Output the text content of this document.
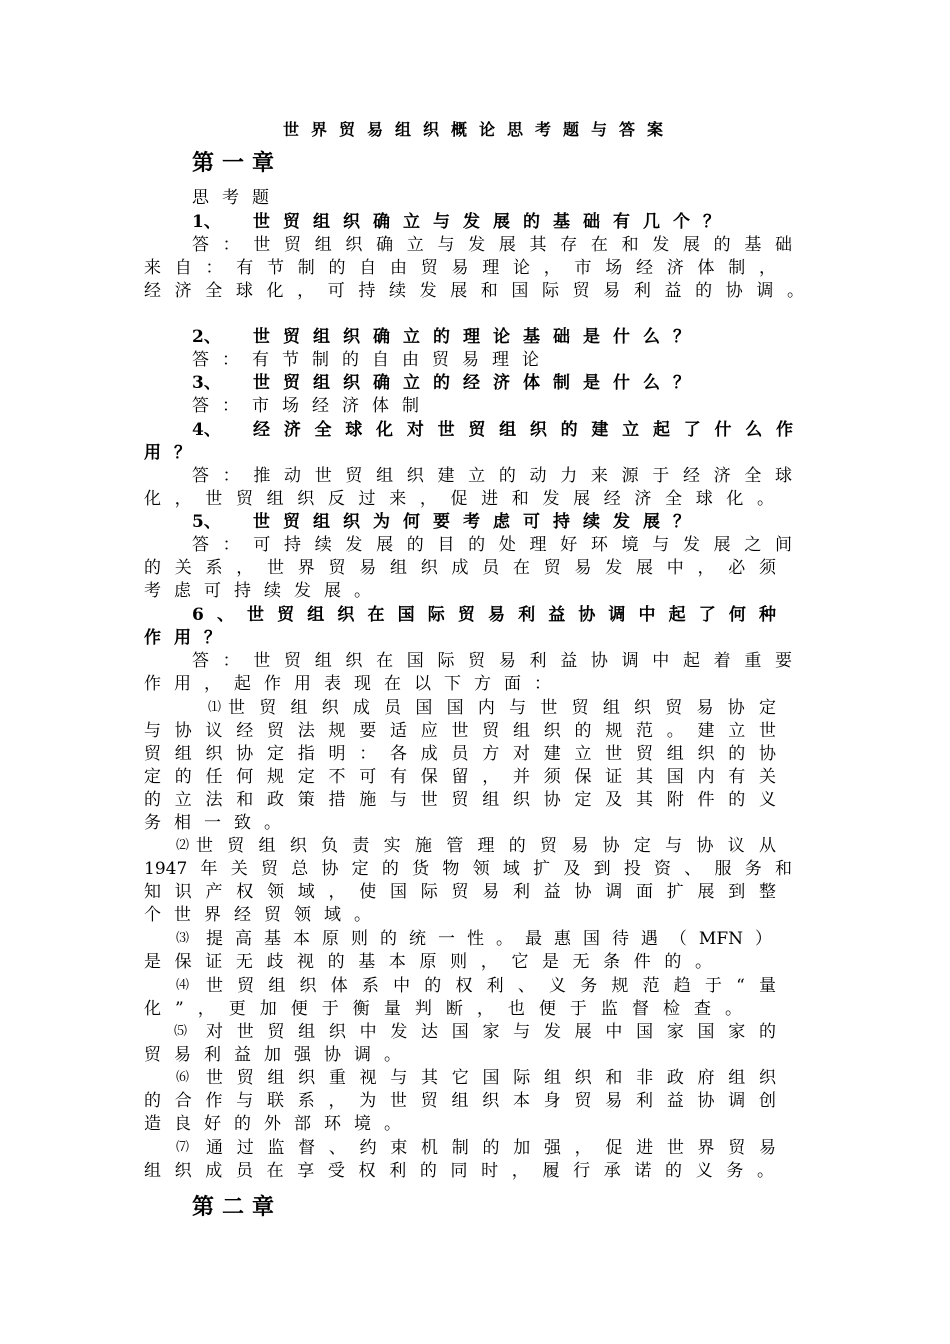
世界贸易组织概论思考题与答案
第一章
思考题
1、 世贸组织确立与发展的基础有几个？
答：世贸组织确立与发展其存在和发展的基础
来自：有节制的自由贸易理论，市场经济体制，
经济全球化，可持续发展和国际贸易利益的协调。
2、 世贸组织确立的理论基础是什么？
答：有节制的自由贸易理论
3、 世贸组织确立的经济体制是什么？
答：市场经济体制
4、 经济全球化对世贸组织的建立起了什么作
用？
答：推动世贸组织建立的动力来源于经济全球
化，世贸组织反过来，促进和发展经济全球化。
5、 世贸组织为何要考虑可持续发展？
答：可持续发展的目的处理好环境与发展之间
的关系，世界贸易组织成员在贸易发展中，必须
考虑可持续发展。
6、世贸组织在国际贸易利益协调中起了何种
作用？
答：世贸组织在国际贸易利益协调中起着重要
作用，起作用表现在以下方面：
⑴ 世贸组织成员国国内与世贸组织贸易协定
与协议经贸法规要适应世贸组织的规范。建立世
贸组织协定指明：各成员方对建立世贸组织的协
定的任何规定不可有保留，并须保证其国内有关
的立法和政策措施与世贸组织协定及其附件的义
务相一致。
⑵ 世贸组织负责实施管理的贸易协定与协议从
1947年关贸总协定的货物领域扩及到投资、服务和
知识产权领域，使国际贸易利益协调面扩展到整
个世界经贸领域。
⑶ 提高基本原则的统一性。最惠国待遇（MFN）
是保证无歧视的基本原则，它是无条件的。
⑷ 世贸组织体系中的权利、义务规范趋于“量
化”，更加便于衡量判断，也便于监督检查。
⑸ 对世贸组织中发达国家与发展中国家国家的
贸易利益加强协调。
⑹ 世贸组织重视与其它国际组织和非政府组织
的合作与联系，为世贸组织本身贸易利益协调创
造良好的外部环境。
⑺ 通过监督、约束机制的加强，促进世界贸易
组织成员在享受权利的同时，履行承诺的义务。
第二章
